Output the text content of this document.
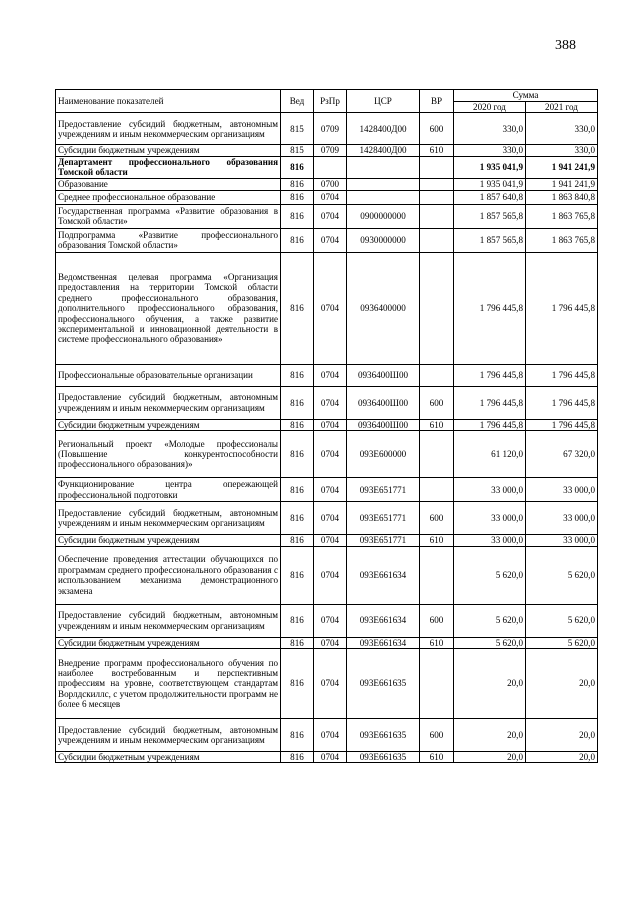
388
Наименование показателей	Вед	РзПр	ЦСР	ВР	Сумма	
					2020 год	2021 год
Предоставление субсидий бюджетным, автономным учреждениям и иным некоммерческим организациям	815	0709	1428400Д00	600	330,0	330,0
Субсидии бюджетным учреждениям	815	0709	1428400Д00	610	330,0	330,0
Департамент профессионального образования Томской области	816				1 935 041,9	1 941 241,9
Образование	816	0700			1 935 041,9	1 941 241,9
Среднее профессиональное образование	816	0704			1 857 640,8	1 863 840,8
Государственная программа «Развитие образования в Томской области»	816	0704	0900000000		1 857 565,8	1 863 765,8
Подпрограмма «Развитие профессионального образования Томской области»	816	0704	0930000000		1 857 565,8	1 863 765,8
Ведомственная целевая программа «Организация предоставления на территории Томской области среднего профессионального образования, дополнительного профессионального образования, профессионального обучения, а также развитие экспериментальной и инновационной деятельности в системе профессионального образования»	816	0704	0936400000		1 796 445,8	1 796 445,8
Профессиональные образовательные организации	816	0704	0936400Ш00		1 796 445,8	1 796 445,8
Предоставление субсидий бюджетным, автономным учреждениям и иным некоммерческим организациям	816	0704	0936400Ш00	600	1 796 445,8	1 796 445,8
Субсидии бюджетным учреждениям	816	0704	0936400Ш00	610	1 796 445,8	1 796 445,8
Региональный проект «Молодые профессионалы (Повышение конкурентоспособности профессионального образования)»	816	0704	093E600000		61 120,0	67 320,0
Функционирование центра опережающей профессиональной подготовки	816	0704	093E651771		33 000,0	33 000,0
Предоставление субсидий бюджетным, автономным учреждениям и иным некоммерческим организациям	816	0704	093E651771	600	33 000,0	33 000,0
Субсидии бюджетным учреждениям	816	0704	093E651771	610	33 000,0	33 000,0
Обеспечение проведения аттестации обучающихся по программам среднего профессионального образования с использованием механизма демонстрационного экзамена	816	0704	093E661634		5 620,0	5 620,0
Предоставление субсидий бюджетным, автономным учреждениям и иным некоммерческим организациям	816	0704	093E661634	600	5 620,0	5 620,0
Субсидии бюджетным учреждениям	816	0704	093E661634	610	5 620,0	5 620,0
Внедрение программ профессионального обучения по наиболее востребованным и перспективным профессиям на уровне, соответствующем стандартам Ворлдскиллс, с учетом продолжительности программ не более 6 месяцев	816	0704	093E661635		20,0	20,0
Предоставление субсидий бюджетным, автономным учреждениям и иным некоммерческим организациям	816	0704	093E661635	600	20,0	20,0
Субсидии бюджетным учреждениям	816	0704	093E661635	610	20,0	20,0
